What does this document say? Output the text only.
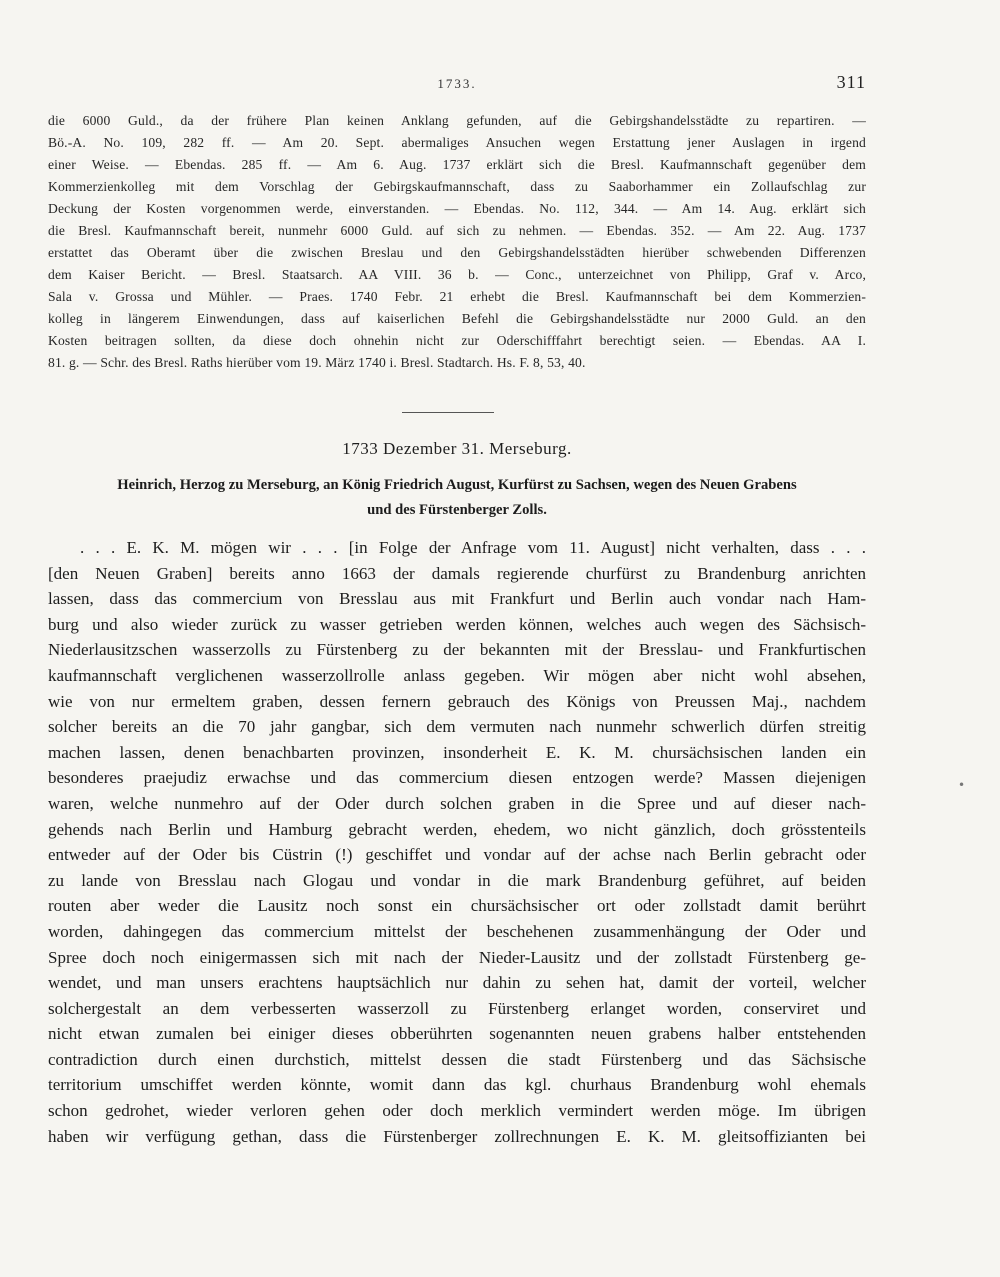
1733.	311
die 6000 Guld., da der frühere Plan keinen Anklang gefunden, auf die Gebirgshandelsstädte zu repartiren. —
Bö.-A. No. 109, 282 ff. — Am 20. Sept. abermaliges Ansuchen wegen Erstattung jener Auslagen in irgend
einer Weise. — Ebendas. 285 ff. — Am 6. Aug. 1737 erklärt sich die Bresl. Kaufmannschaft gegenüber dem
Kommerzienkolleg mit dem Vorschlag der Gebirgskaufmannschaft, dass zu Saaborhammer ein Zollaufschlag zur
Deckung der Kosten vorgenommen werde, einverstanden. — Ebendas. No. 112, 344. — Am 14. Aug. erklärt sich
die Bresl. Kaufmannschaft bereit, nunmehr 6000 Guld. auf sich zu nehmen. — Ebendas. 352. — Am 22. Aug. 1737
erstattet das Oberamt über die zwischen Breslau und den Gebirgshandelsstädten hierüber schwebenden Differenzen
dem Kaiser Bericht. — Bresl. Staatsarch. AA VIII. 36 b. — Conc., unterzeichnet von Philipp, Graf v. Arco,
Sala v. Grossa und Mühler. — Praes. 1740 Febr. 21 erhebt die Bresl. Kaufmannschaft bei dem Kommerzien-
kolleg in längerem Einwendungen, dass auf kaiserlichen Befehl die Gebirgshandelsstädte nur 2000 Guld. an den
Kosten beitragen sollten, da diese doch ohnehin nicht zur Oderschifffahrt berechtigt seien. — Ebendas. AA I.
81. g. — Schr. des Bresl. Raths hierüber vom 19. März 1740 i. Bresl. Stadtarch. Hs. F. 8, 53, 40.
1733 Dezember 31. Merseburg.
Heinrich, Herzog zu Merseburg, an König Friedrich August, Kurfürst zu Sachsen, wegen des Neuen Grabens
und des Fürstenberger Zolls.
. . . E. K. M. mögen wir . . . [in Folge der Anfrage vom 11. August] nicht verhalten, dass . . .
[den Neuen Graben] bereits anno 1663 der damals regierende churfürst zu Brandenburg anrichten
lassen, dass das commercium von Bresslau aus mit Frankfurt und Berlin auch vondar nach Ham-
burg und also wieder zurück zu wasser getrieben werden können, welches auch wegen des Sächsisch-
Niederlausitzschen wasserzolls zu Fürstenberg zu der bekannten mit der Bresslau- und Frankfurtischen
kaufmannschaft verglichenen wasserzollrolle anlass gegeben. Wir mögen aber nicht wohl absehen,
wie von nur ermeltem graben, dessen fernern gebrauch des Königs von Preussen Maj., nachdem
solcher bereits an die 70 jahr gangbar, sich dem vermuten nach nunmehr schwerlich dürfen streitig
machen lassen, denen benachbarten provinzen, insonderheit E. K. M. chursächsischen landen ein
besonderes praejudiz erwachse und das commercium diesen entzogen werde? Massen diejenigen
waren, welche nunmehro auf der Oder durch solchen graben in die Spree und auf dieser nach-
gehends nach Berlin und Hamburg gebracht werden, ehedem, wo nicht gänzlich, doch grösstenteils
entweder auf der Oder bis Cüstrin (!) geschiffet und vondar auf der achse nach Berlin gebracht oder
zu lande von Bresslau nach Glogau und vondar in die mark Brandenburg geführet, auf beiden
routen aber weder die Lausitz noch sonst ein chursächsischer ort oder zollstadt damit berührt
worden, dahingegen das commercium mittelst der beschehenen zusammenhängung der Oder und
Spree doch noch einigermassen sich mit nach der Nieder-Lausitz und der zollstadt Fürstenberg ge-
wendet, und man unsers erachtens hauptsächlich nur dahin zu sehen hat, damit der vorteil, welcher
solchergestalt an dem verbesserten wasserzoll zu Fürstenberg erlanget worden, conserviret und
nicht etwan zumalen bei einiger dieses obberührten sogenannten neuen grabens halber entstehenden
contradiction durch einen durchstich, mittelst dessen die stadt Fürstenberg und das Sächsische
territorium umschiffet werden könnte, womit dann das kgl. churhaus Brandenburg wohl ehemals
schon gedrohet, wieder verloren gehen oder doch merklich vermindert werden möge. Im übrigen
haben wir verfügung gethan, dass die Fürstenberger zollrechnungen E. K. M. gleitsoffizianten bei
•
